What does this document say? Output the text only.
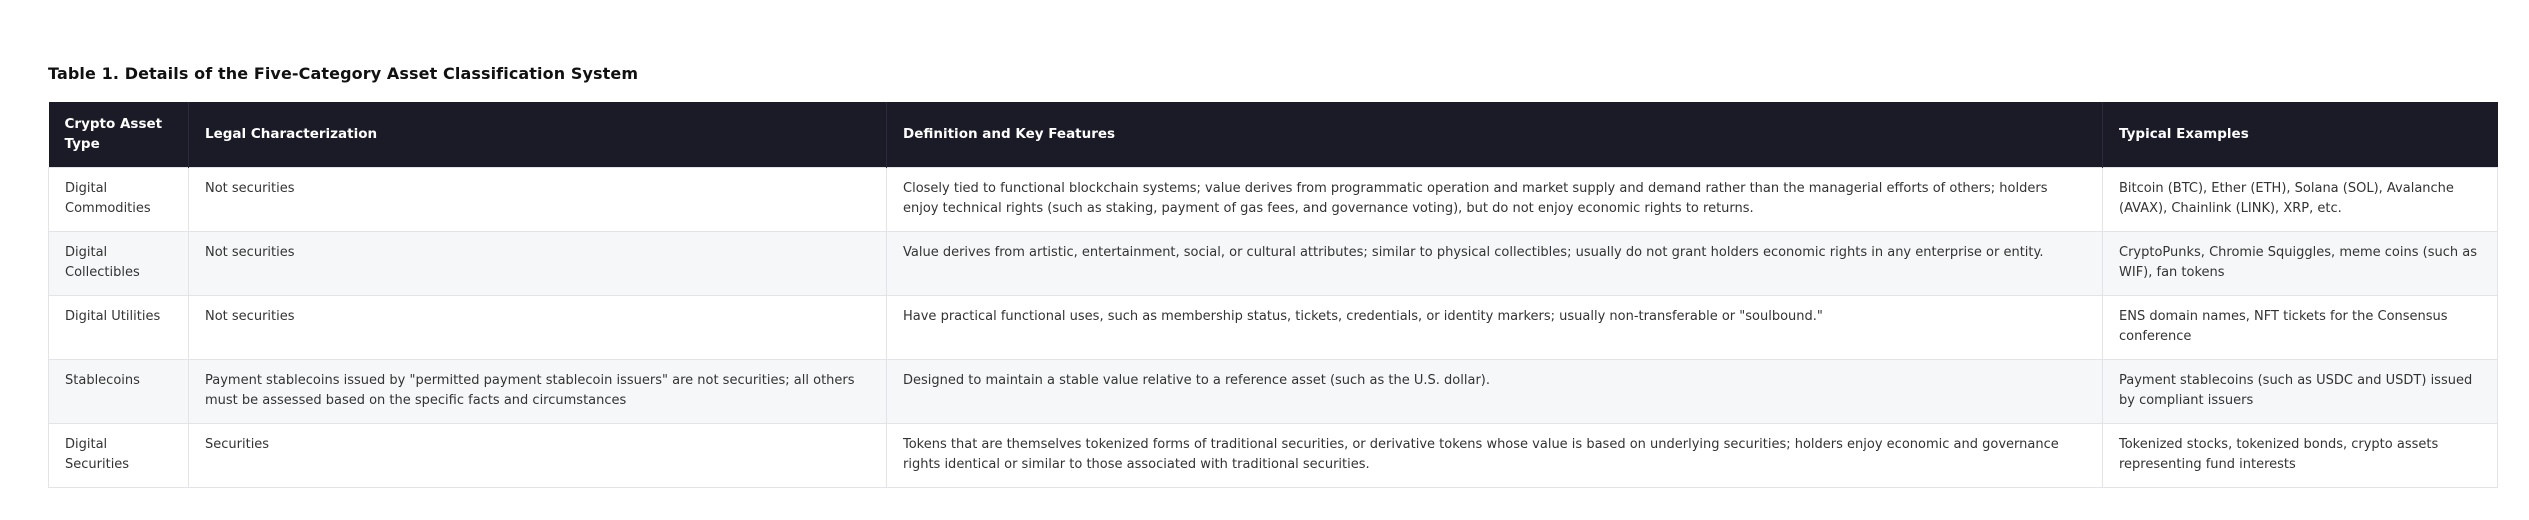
Table 1. Details of the Five-Category Asset Classification System
Crypto Asset Type	Legal Characterization	Definition and Key Features	Typical Examples
Digital Commodities	Not securities	Closely tied to functional blockchain systems; value derives from programmatic operation and market supply and demand rather than the managerial efforts of others; holders enjoy technical rights (such as staking, payment of gas fees, and governance voting), but do not enjoy economic rights to returns.	Bitcoin (BTC), Ether (ETH), Solana (SOL), Avalanche (AVAX), Chainlink (LINK), XRP, etc.
Digital Collectibles	Not securities	Value derives from artistic, entertainment, social, or cultural attributes; similar to physical collectibles; usually do not grant holders economic rights in any enterprise or entity.	CryptoPunks, Chromie Squiggles, meme coins (such as WIF), fan tokens
Digital Utilities	Not securities	Have practical functional uses, such as membership status, tickets, credentials, or identity markers; usually non-transferable or "soulbound."	ENS domain names, NFT tickets for the Consensus conference
Stablecoins	Payment stablecoins issued by "permitted payment stablecoin issuers" are not securities; all others must be assessed based on the specific facts and circumstances	Designed to maintain a stable value relative to a reference asset (such as the U.S. dollar).	Payment stablecoins (such as USDC and USDT) issued by compliant issuers
Digital Securities	Securities	Tokens that are themselves tokenized forms of traditional securities, or derivative tokens whose value is based on underlying securities; holders enjoy economic and governance rights identical or similar to those associated with traditional securities.	Tokenized stocks, tokenized bonds, crypto assets representing fund interests
